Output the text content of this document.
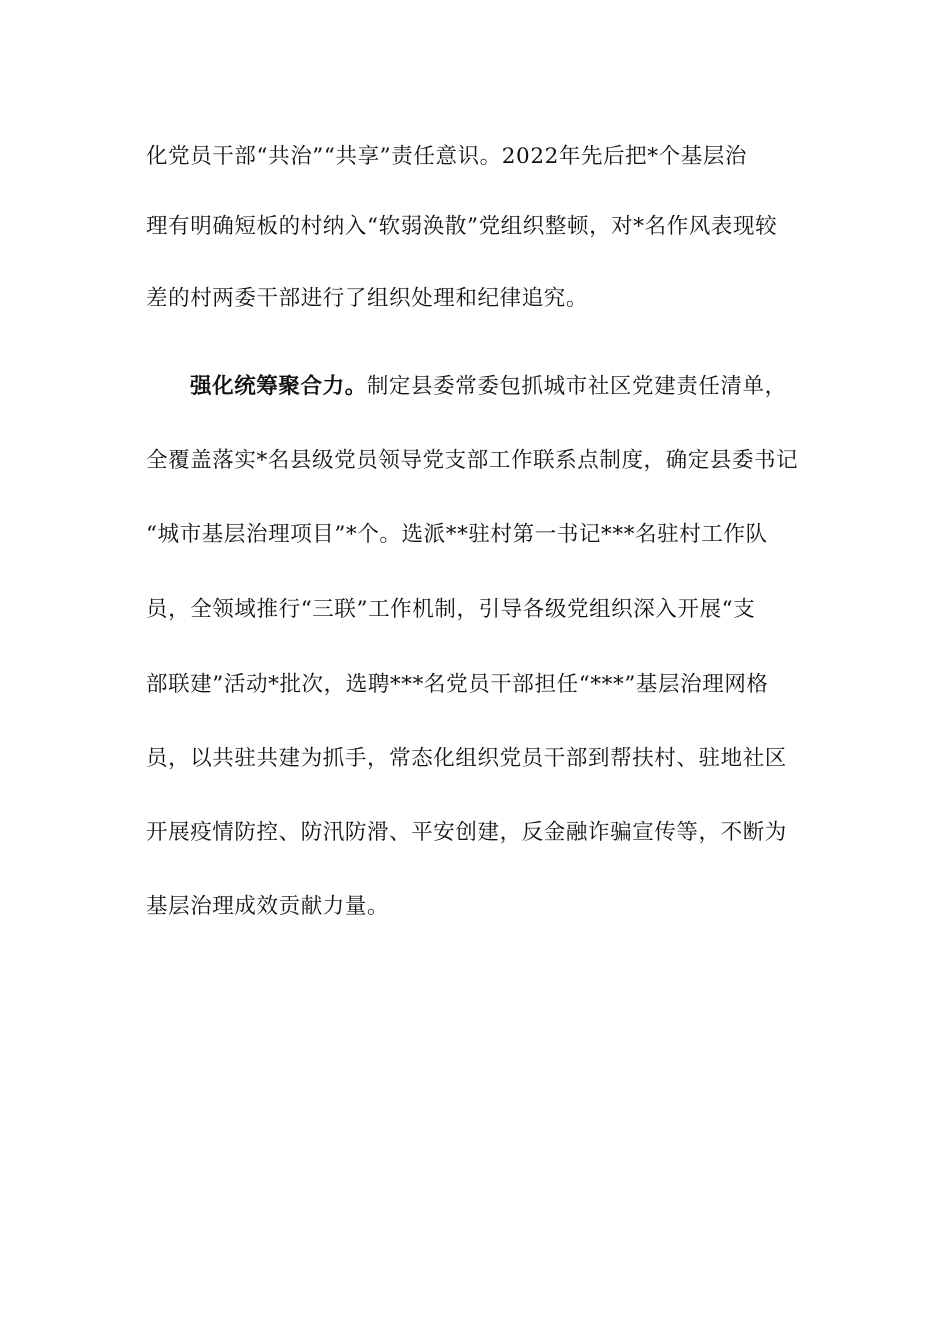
化党员干部“共治”“共享”责任意识。2022年先后把*个基层治
理有明确短板的村纳入“软弱涣散”党组织整顿，对*名作风表现较
差的村两委干部进行了组织处理和纪律追究。
强化统筹聚合力。制定县委常委包抓城市社区党建责任清单，
全覆盖落实*名县级党员领导党支部工作联系点制度，确定县委书记
“城市基层治理项目”*个。选派**驻村第一书记***名驻村工作队
员，全领域推行“三联”工作机制，引导各级党组织深入开展“支
部联建”活动*批次，选聘***名党员干部担任“***”基层治理网格
员，以共驻共建为抓手，常态化组织党员干部到帮扶村、驻地社区
开展疫情防控、防汛防滑、平安创建，反金融诈骗宣传等，不断为
基层治理成效贡献力量。
